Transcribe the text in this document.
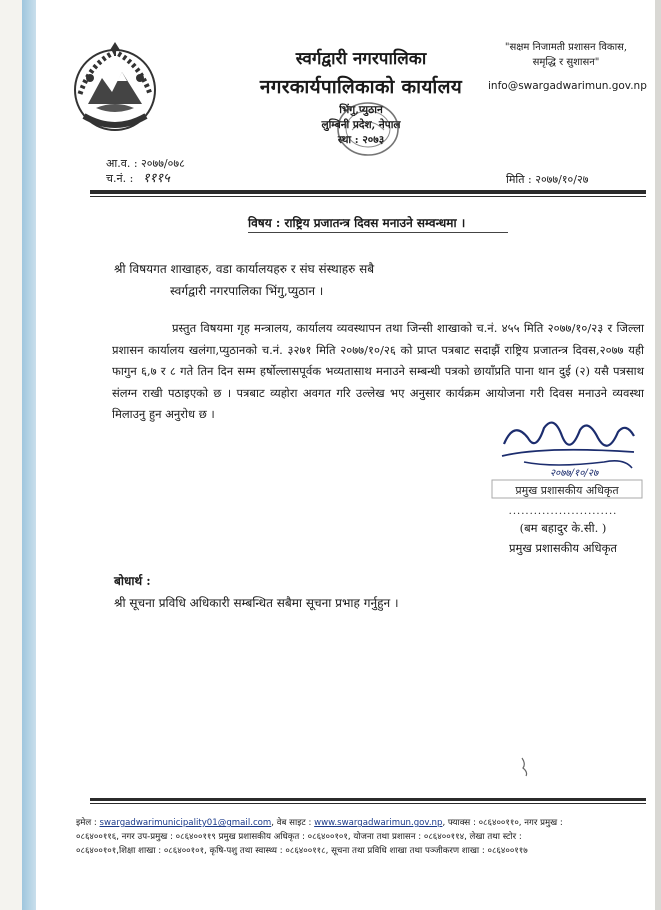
स्वर्गद्वारी नगरपालिका

नगरकार्यपालिकाको कार्यालय

भिंगु,प्युठान

लुम्बिनी प्रदेश, नेपाल

स्था : २०७३

"सक्षम निजामती प्रशासन विकास,
समृद्धि र सुशासन"
info@swargadwarimun.gov.np
आ.व. : २०७७/०७८
च.नं. : १११५	मिति : २०७७/१०/२७
विषय : राष्ट्रिय प्रजातन्त्र दिवस मनाउने सम्वन्धमा ।
श्री विषयगत शाखाहरु, वडा कार्यालयहरु र संघ संस्थाहरु सबै
स्वर्गद्वारी नगरपालिका भिंगु,प्युठान ।

प्रस्तुत विषयमा गृह मन्त्रालय, कार्यालय व्यवस्थापन तथा जिन्सी शाखाको च.नं. ४५५ मिति २०७७/१०/२३ र जिल्ला प्रशासन कार्यालय खलंगा,प्युठानको च.नं. ३२७१ मिति २०७७/१०/२६ को प्राप्त पत्रबाट सदाझैं राष्ट्रिय प्रजातन्त्र दिवस,२०७७ यही फागुन ६,७ र ८ गते तिन दिन सम्म हर्षोल्लासपूर्वक भव्यतासाथ मनाउने सम्बन्धी पत्रको छायाँप्रति पाना थान दुई (२) यसै पत्रसाथ संलग्न राखी पठाइएको छ । पत्रबाट व्यहोरा अवगत गरि उल्लेख भए अनुसार कार्यक्रम आयोजना गरी दिवस मनाउने व्यवस्था मिलाउनु हुन अनुरोध छ ।

प्रमुख प्रशासकीय अधिकृत
२०७७/१०/२७
..........................
(बम बहादुर के.सी. )
प्रमुख प्रशासकीय अधिकृत
बोधार्थ :
श्री सूचना प्रविधि अधिकारी सम्बन्धित सबैमा सूचना प्रभाह गर्नुहुन ।

इमेल : swargadwarimunicipality01@gmail.com, वेब साइट : www.swargadwarimun.gov.np, फ्याक्स : ०८६४००११०, नगर प्रमुख :

०८६४००११६, नगर उप-प्रमुख : ०८६४००११९ प्रमुख प्रशासकीय अधिकृत : ०८६४००१०१, योजना तथा प्रशासन : ०८६४००११४, लेखा तथा स्टोर :

०८६४००१०१,शिक्षा शाखा : ०८६४००१०१, कृषि-पशु तथा स्वास्थ्य : ०८६४००११८, सूचना तथा प्रविधि शाखा तथा पञ्जीकरण शाखा : ०८६४००११७
